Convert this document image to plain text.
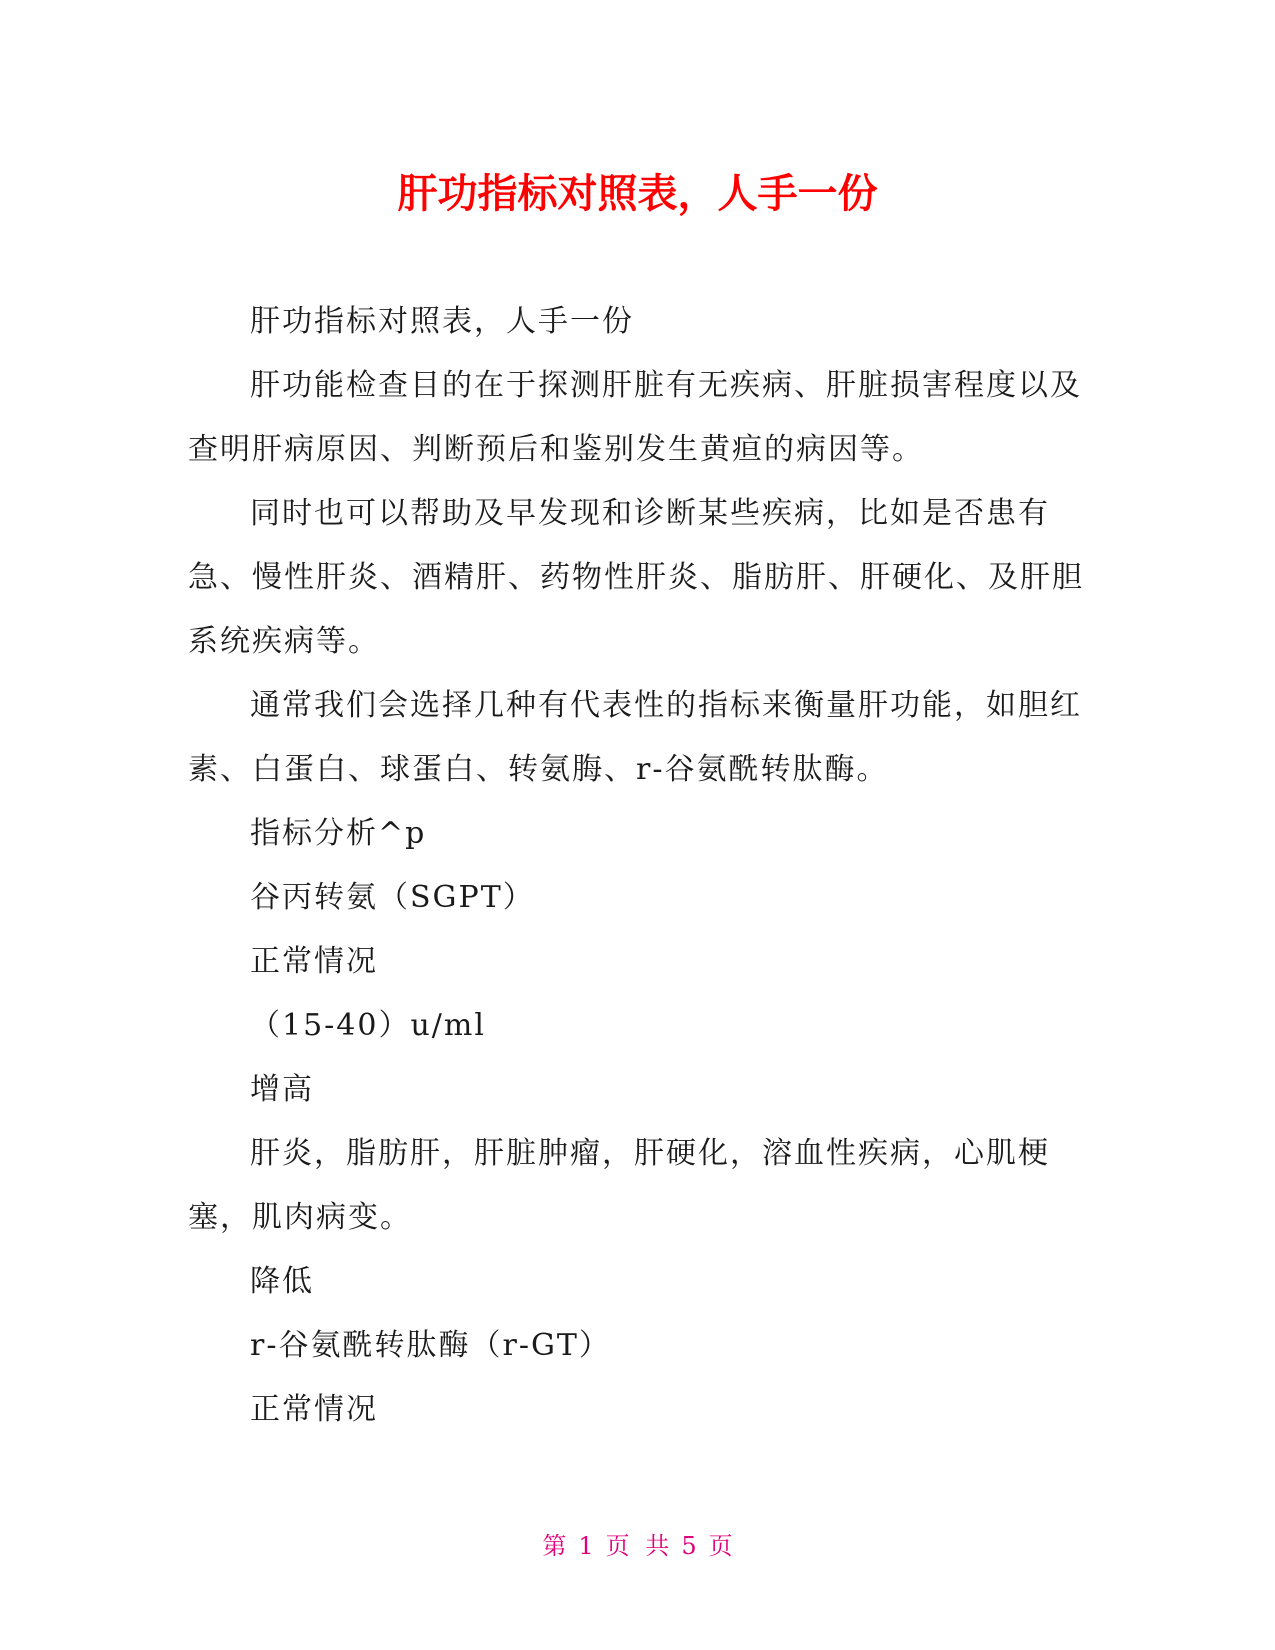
肝功指标对照表，人手一份

肝功指标对照表，人手一份

肝功能检查目的在于探测肝脏有无疾病、肝脏损害程度以及查明肝病原因、判断预后和鉴别发生黄疸的病因等。

同时也可以帮助及早发现和诊断某些疾病，比如是否患有急、慢性肝炎、酒精肝、药物性肝炎、脂肪肝、肝硬化、及肝胆系统疾病等。

通常我们会选择几种有代表性的指标来衡量肝功能，如胆红素、白蛋白、球蛋白、转氨脢、r-谷氨酰转肽酶。

指标分析^p

谷丙转氨（SGPT）

正常情况

（15-40）u/ml

增高

肝炎，脂肪肝，肝脏肿瘤，肝硬化，溶血性疾病，心肌梗塞，肌肉病变。

降低

r-谷氨酰转肽酶（r-GT）

正常情况

第 1 页 共 5 页
